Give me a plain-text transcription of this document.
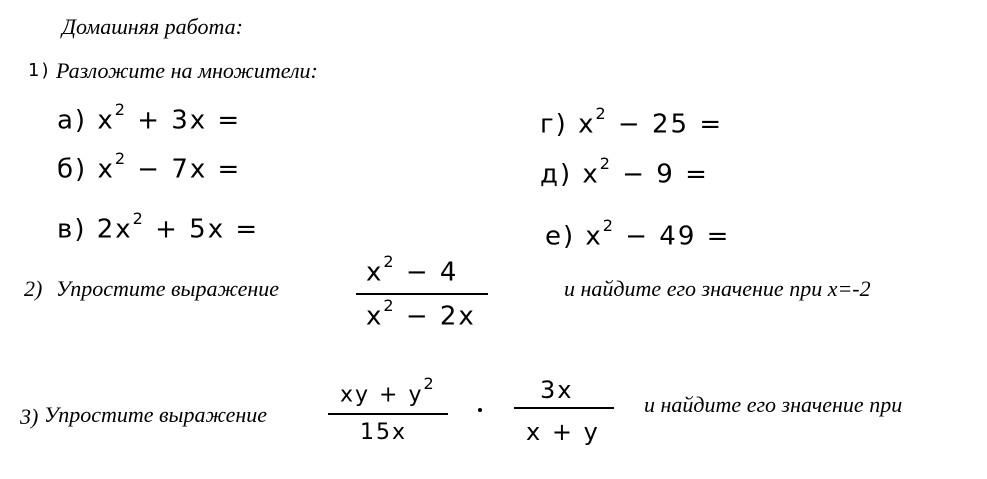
Домашняя работа:
1) Разложите на множители:
а) $x^2 + 3x$ =
б) $x^2 - 7x$ =
в) $2x^2 + 5x$ =
г) $x^2 - 25$ =
д) $x^2 - 9$ =
е) $x^2 - 49$ =
2) Упростите выражение
$x^2 - 4$
$x^2 - 2x$
и найдите его значение при x=-2
3) Упростите выражение
xy + $y^2$
15x
3x
x + y
и найдите его значение при
